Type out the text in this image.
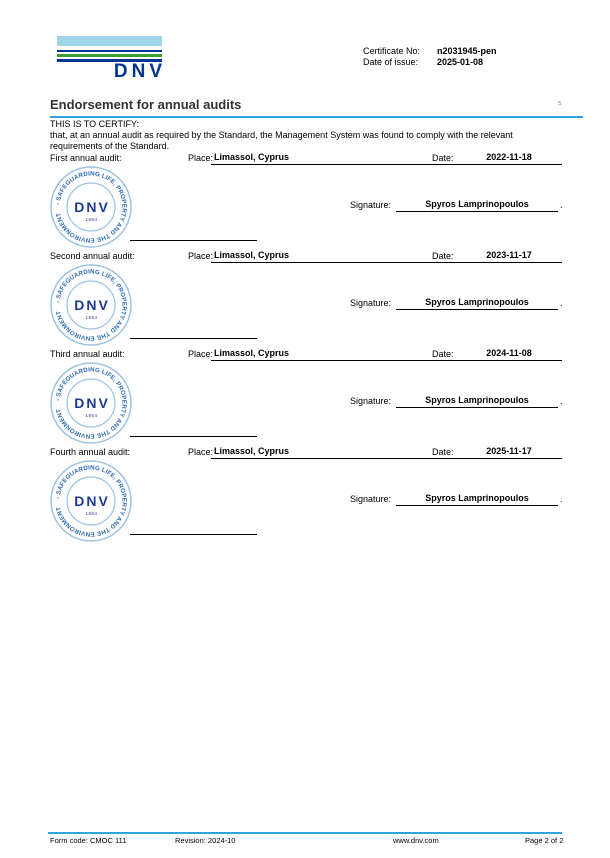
DNV
Certificate No:	n2031945-pen
Date of issue:	2025-01-08
Endorsement for annual audits	s
THIS IS TO CERTIFY:
that, at an annual audit as required by the Standard, the Management System was found to comply with the relevant requirements of the Standard.
First annual audit:	Place: Limassol, Cyprus	Date:	2022-11-18
- SAFEGUARDING LIFE, PROPERTY AND THE ENVIRONMENT DNV
1864
Signature:	Spyros Lamprinopoulos	.
Second annual audit:	Place: Limassol, Cyprus	Date:	2023-11-17
- SAFEGUARDING LIFE, PROPERTY AND THE ENVIRONMENT DNV
1864
Signature:	Spyros Lamprinopoulos	.
Third annual audit:	Place: Limassol, Cyprus	Date:	2024-11-08
- SAFEGUARDING LIFE, PROPERTY AND THE ENVIRONMENT DNV
1864
Signature:	Spyros Lamprinopoulos	.
Fourth annual audit:	Place: Limassol, Cyprus	Date:	2025-11-17
- SAFEGUARDING LIFE, PROPERTY AND THE ENVIRONMENT DNV
1864
Signature:	Spyros Lamprinopoulos	.
Form code: CMOC 111	Revision: 2024-10	www.dnv.com	Page 2 of 2
